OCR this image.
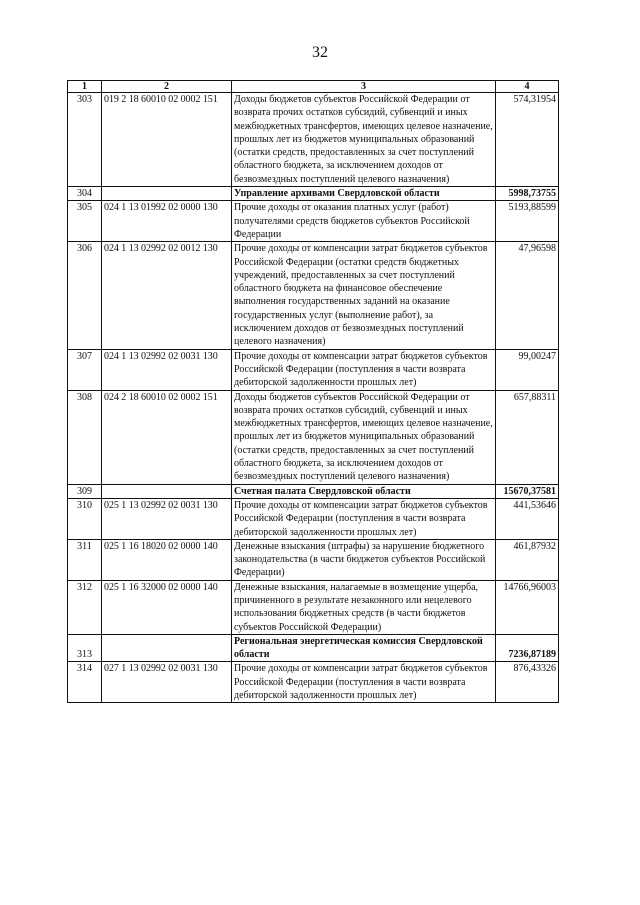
32
1	2	3	4
303	019 2 18 60010 02 0002 151	Доходы бюджетов субъектов Российской Федерации от возврата прочих остатков субсидий, субвенций и иных межбюджетных трансфертов, имеющих целевое назначение, прошлых лет из бюджетов муниципальных образований (остатки средств, предоставленных за счет поступлений областного бюджета, за исключением доходов от безвозмездных поступлений целевого назначения)	574,31954
304		Управление архивами Свердловской области	5998,73755
305	024 1 13 01992 02 0000 130	Прочие доходы от оказания платных услуг (работ) получателями средств бюджетов субъектов Российской Федерации	5193,88599
306	024 1 13 02992 02 0012 130	Прочие доходы от компенсации затрат бюджетов субъектов Российской Федерации (остатки средств бюджетных учреждений, предоставленных за счет поступлений областного бюджета на финансовое обеспечение выполнения государственных заданий на оказание государственных услуг (выполнение работ), за исключением доходов от безвозмездных поступлений целевого назначения)	47,96598
307	024 1 13 02992 02 0031 130	Прочие доходы от компенсации затрат бюджетов субъектов Российской Федерации (поступления в части возврата дебиторской задолженности прошлых лет)	99,00247
308	024 2 18 60010 02 0002 151	Доходы бюджетов субъектов Российской Федерации от возврата прочих остатков субсидий, субвенций и иных межбюджетных трансфертов, имеющих целевое назначение, прошлых лет из бюджетов муниципальных образований (остатки средств, предоставленных за счет поступлений областного бюджета, за исключением доходов от безвозмездных поступлений целевого назначения)	657,88311
309		Счетная палата Свердловской области	15670,37581
310	025 1 13 02992 02 0031 130	Прочие доходы от компенсации затрат бюджетов субъектов Российской Федерации (поступления в части возврата дебиторской задолженности прошлых лет)	441,53646
311	025 1 16 18020 02 0000 140	Денежные взыскания (штрафы) за нарушение бюджетного законодательства (в части бюджетов субъектов Российской Федерации)	461,87932
312	025 1 16 32000 02 0000 140	Денежные взыскания, налагаемые в возмещение ущерба, причиненного в результате незаконного или нецелевого использования бюджетных средств (в части бюджетов субъектов Российской Федерации)	14766,96003
313		Региональная энергетическая комиссия Свердловской области	7236,87189
314	027 1 13 02992 02 0031 130	Прочие доходы от компенсации затрат бюджетов субъектов Российской Федерации (поступления в части возврата дебиторской задолженности прошлых лет)	876,43326
